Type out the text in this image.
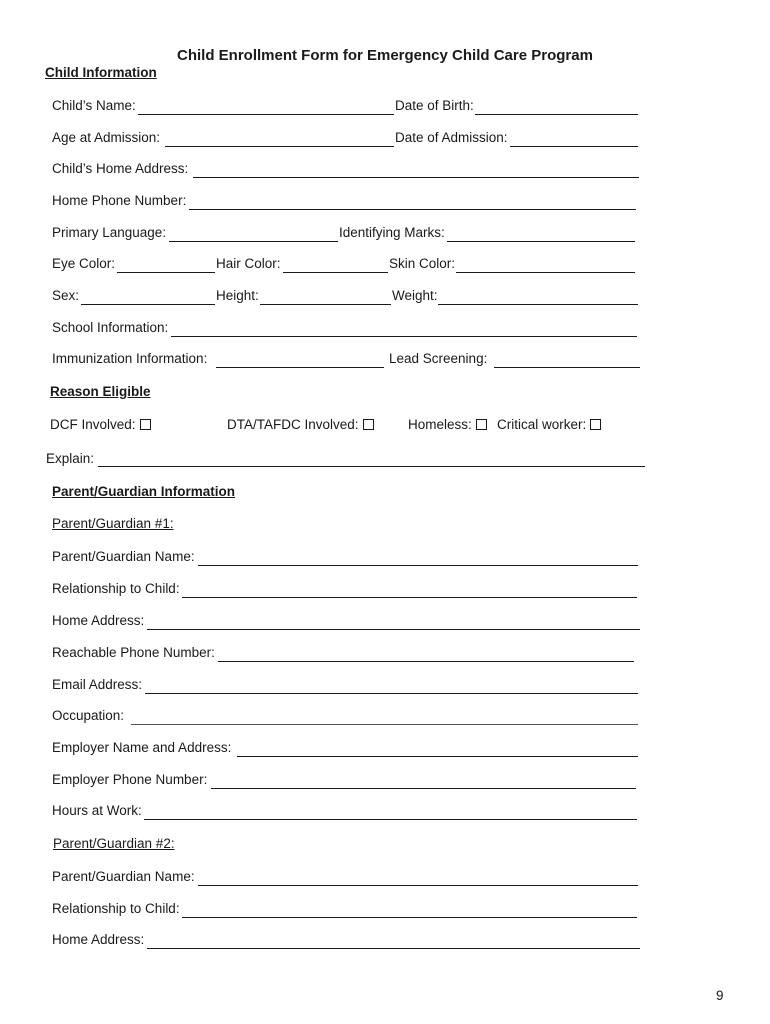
Child Enrollment Form for Emergency Child Care Program
Child Information
Child’s Name:	Date of Birth:
Age at Admission:	Date of Admission:
Child’s Home Address:
Home Phone Number:
Primary Language:	Identifying Marks:
Eye Color:	Hair Color:	Skin Color:
Sex:	Height:	Weight:
School Information:
Immunization Information:	Lead Screening:
Reason Eligible
DCF Involved:	DTA/TAFDC Involved:	Homeless:	Critical worker:
Explain:
Parent/Guardian Information
Parent/Guardian #1:
Parent/Guardian Name:
Relationship to Child:
Home Address:
Reachable Phone Number:
Email Address:
Occupation:
Employer Name and Address:
Employer Phone Number:
Hours at Work:
Parent/Guardian #2:
Parent/Guardian Name:
Relationship to Child:
Home Address:
9
